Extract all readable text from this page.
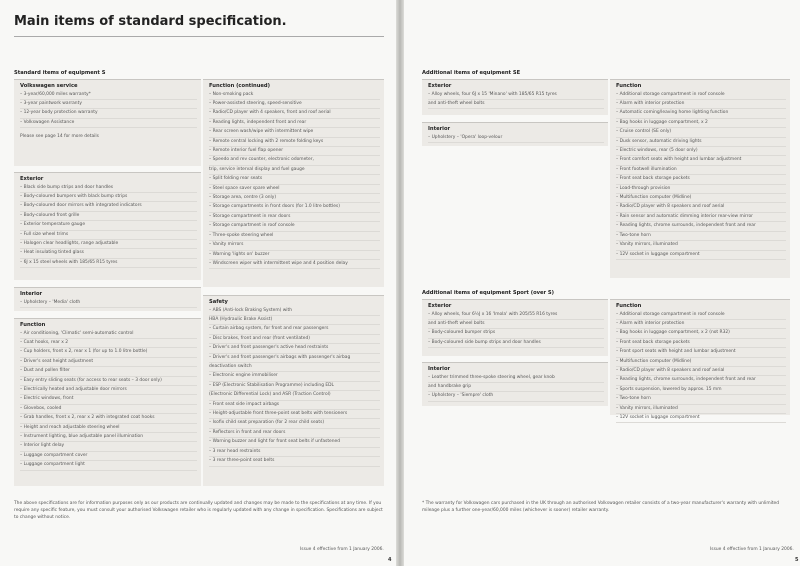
Main items of standard specification.
Standard items of equipment S
Volkswagen service
– 3-year/60,000 miles warranty*
– 3-year paintwork warranty
– 12-year body protection warranty
– Volkswagen Assistance
Please see page 14 for more details
Exterior
– Black side bump strips and door handles
– Body-coloured bumpers with black bump strips
– Body-coloured door mirrors with integrated indicators
– Body-coloured front grille
– Exterior temperature gauge
– Full size wheel trims
– Halogen clear headlights, range adjustable
– Heat insulating tinted glass
– 6J x 15 steel wheels with 185/65 R15 tyres
Interior
– Upholstery – 'Media' cloth
Function
– Air conditioning, 'Climatic' semi-automatic control
– Coat hooks, rear x 2
– Cup holders, front x 2, rear x 1 (for up to 1.0 litre bottle)
– Driver's seat height adjustment
– Dust and pollen filter
– Easy entry sliding seats (for access to rear seats – 3 door only)
– Electrically heated and adjustable door mirrors
– Electric windows, front
– Glovebox, cooled
– Grab handles, front x 2, rear x 2 with integrated coat hooks
– Height and reach adjustable steering wheel
– Instrument lighting, blue adjustable panel illumination
– Interior light delay
– Luggage compartment cover
– Luggage compartment light
Function (continued)
– Non-smoking pack
– Power-assisted steering, speed-sensitive
– Radio/CD player with 4 speakers, front and roof aerial
– Reading lights, independent front and rear
– Rear screen wash/wipe with intermittent wipe
– Remote central locking with 2 remote folding keys
– Remote interior fuel flap opener
– Speedo and rev counter, electronic odometer,
trip, service interval display and fuel gauge
– Split folding rear seats
– Steel space saver spare wheel
– Storage area, centre (3 only)
– Storage compartments in front doors (for 1.0 litre bottles)
– Storage compartment in rear doors
– Storage compartment in roof console
– Three-spoke steering wheel
– Vanity mirrors
– Warning 'lights on' buzzer
– Windscreen wiper with intermittent wipe and 4 position delay
Safety
– ABS (Anti-lock Braking System) with
HBA (Hydraulic Brake Assist)
– Curtain airbag system, for front and rear passengers
– Disc brakes, front and rear (front ventilated)
– Driver's and front passenger's active head restraints
– Driver's and front passenger's airbags with passenger's airbag
deactivation switch
– Electronic engine immobiliser
– ESP (Electronic Stabilisation Programme) including EDL
(Electronic Differential Lock) and ASR (Traction Control)
– Front seat side impact airbags
– Height-adjustable front three-point seat belts with tensioners
– Isofix child seat preparation (for 2 rear child seats)
– Reflectors in front and rear doors
– Warning buzzer and light for front seat belts if unfastened
– 3 rear head restraints
– 3 rear three-point seat belts
The above specifications are for information purposes only as our products are continually updated and changes may be made to the specifications at any time. If you require any specific feature, you must consult your authorised Volkswagen retailer who is regularly updated with any change in specification. Specifications are subject to change without notice.
Issue 4 effective from 1 January 2006.
4
Additional items of equipment SE
Exterior
– Alloy wheels, four 6J x 15 'Minano' with 185/65 R15 tyres
and anti-theft wheel bolts
Interior
– Upholstery – 'Opera' loop-velour
Function
– Additional storage compartment in roof console
– Alarm with interior protection
– Automatic coming/leaving home lighting function
– Bag hooks in luggage compartment, x 2
– Cruise control (SE only)
– Dusk sensor, automatic driving lights
– Electric windows, rear (5 door only)
– Front comfort seats with height and lumbar adjustment
– Front footwell illumination
– Front seat back storage pockets
– Load-through provision
– Multifunction computer (Midline)
– Radio/CD player with 8 speakers and roof aerial
– Rain sensor and automatic dimming interior rear-view mirror
– Reading lights, chrome surrounds, independent front and rear
– Two-tone horn
– Vanity mirrors, illuminated
– 12V socket in luggage compartment
Additional items of equipment Sport (over S)
Exterior
– Alloy wheels, four 6½J x 16 'Imola' with 205/55 R16 tyres
and anti-theft wheel bolts
– Body-coloured bumper strips
– Body-coloured side bump strips and door handles
Interior
– Leather trimmed three-spoke steering wheel, gear knob
and handbrake grip
– Upholstery – 'Siempre' cloth
Function
– Additional storage compartment in roof console
– Alarm with interior protection
– Bag hooks in luggage compartment, x 2 (not R32)
– Front seat back storage pockets
– Front sport seats with height and lumbar adjustment
– Multifunction computer (Midline)
– Radio/CD player with 8 speakers and roof aerial
– Reading lights, chrome surrounds, independent front and rear
– Sports suspension, lowered by approx. 15 mm
– Two-tone horn
– Vanity mirrors, illuminated
– 12V socket in luggage compartment
* The warranty for Volkswagen cars purchased in the UK through an authorised Volkswagen retailer consists of a two-year manufacturer's warranty with unlimited mileage plus a further one-year/60,000 miles (whichever is sooner) retailer warranty.
Issue 4 effective from 1 January 2006.
5
